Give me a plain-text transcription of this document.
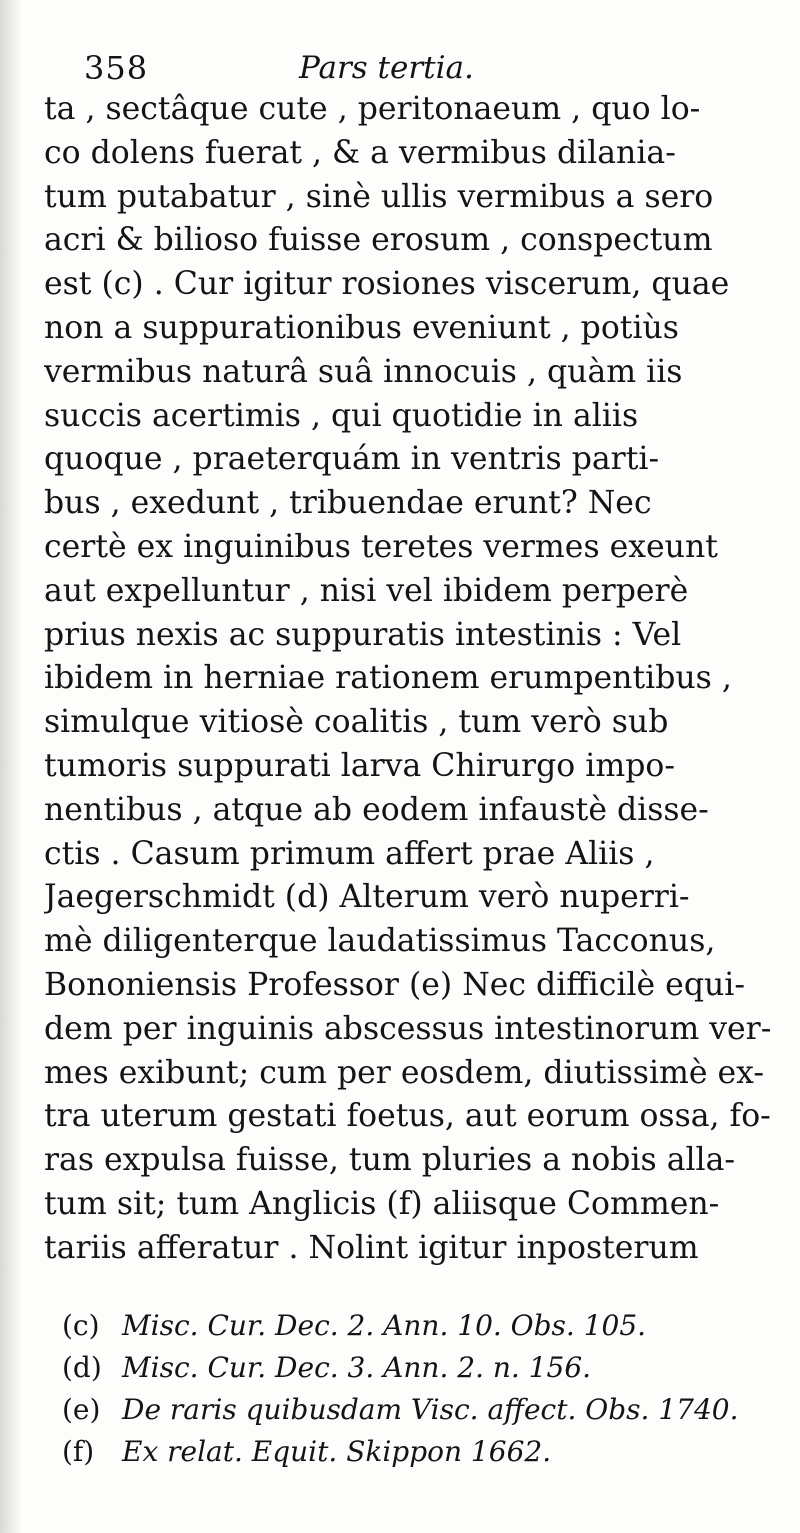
358	Pars tertia.
ta , sectâque cute , peritonaeum , quo lo-
co dolens fuerat , & a vermibus dilania-
tum putabatur , sinè ullis vermibus a sero
acri & bilioso fuisse erosum , conspectum
est (c) . Cur igitur rosiones viscerum, quae
non a suppurationibus eveniunt , potiùs
vermibus naturâ suâ innocuis , quàm iis
succis acertimis , qui quotidie in aliis
quoque , praeterquám in ventris parti-
bus , exedunt , tribuendae erunt? Nec
certè ex inguinibus teretes vermes exeunt
aut expelluntur , nisi vel ibidem perperè
prius nexis ac suppuratis intestinis : Vel
ibidem in herniae rationem erumpentibus ,
simulque vitiosè coalitis , tum verò sub
tumoris suppurati larva Chirurgo impo-
nentibus , atque ab eodem infaustè disse-
ctis . Casum primum affert prae Aliis ,
Jaegerschmidt (d) Alterum verò nuperri-
mè diligenterque laudatissimus Tacconus,
Bononiensis Professor (e) Nec difficilè equi-
dem per inguinis abscessus intestinorum ver-
mes exibunt; cum per eosdem, diutissimè ex-
tra uterum gestati foetus, aut eorum ossa, fo-
ras expulsa fuisse, tum pluries a nobis alla-
tum sit; tum Anglicis (f) aliisque Commen-
tariis afferatur . Nolint igitur inposterum
(c) Misc. Cur. Dec. 2. Ann. 10. Obs. 105.
(d) Misc. Cur. Dec. 3. Ann. 2. n. 156.
(e) De raris quibusdam Visc. affect. Obs. 1740.
(f) Ex relat. Equit. Skippon 1662.
